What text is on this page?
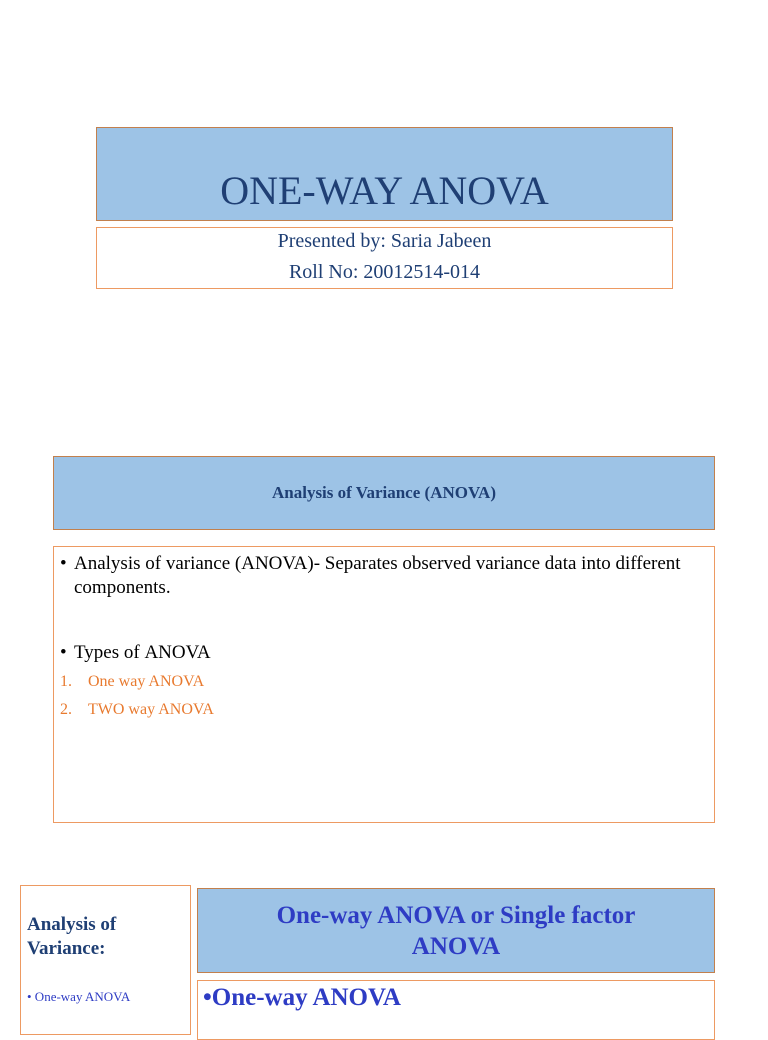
ONE-WAY ANOVA
Presented by: Saria Jabeen
Roll No: 20012514-014
Analysis of Variance (ANOVA)
• Analysis of variance (ANOVA)- Separates observed variance data into different components.
• Types of ANOVA
1. One way ANOVA
2. TWO way ANOVA
Analysis of Variance:
• One-way ANOVA
One-way ANOVA or Single factor ANOVA
•One-way ANOVA
